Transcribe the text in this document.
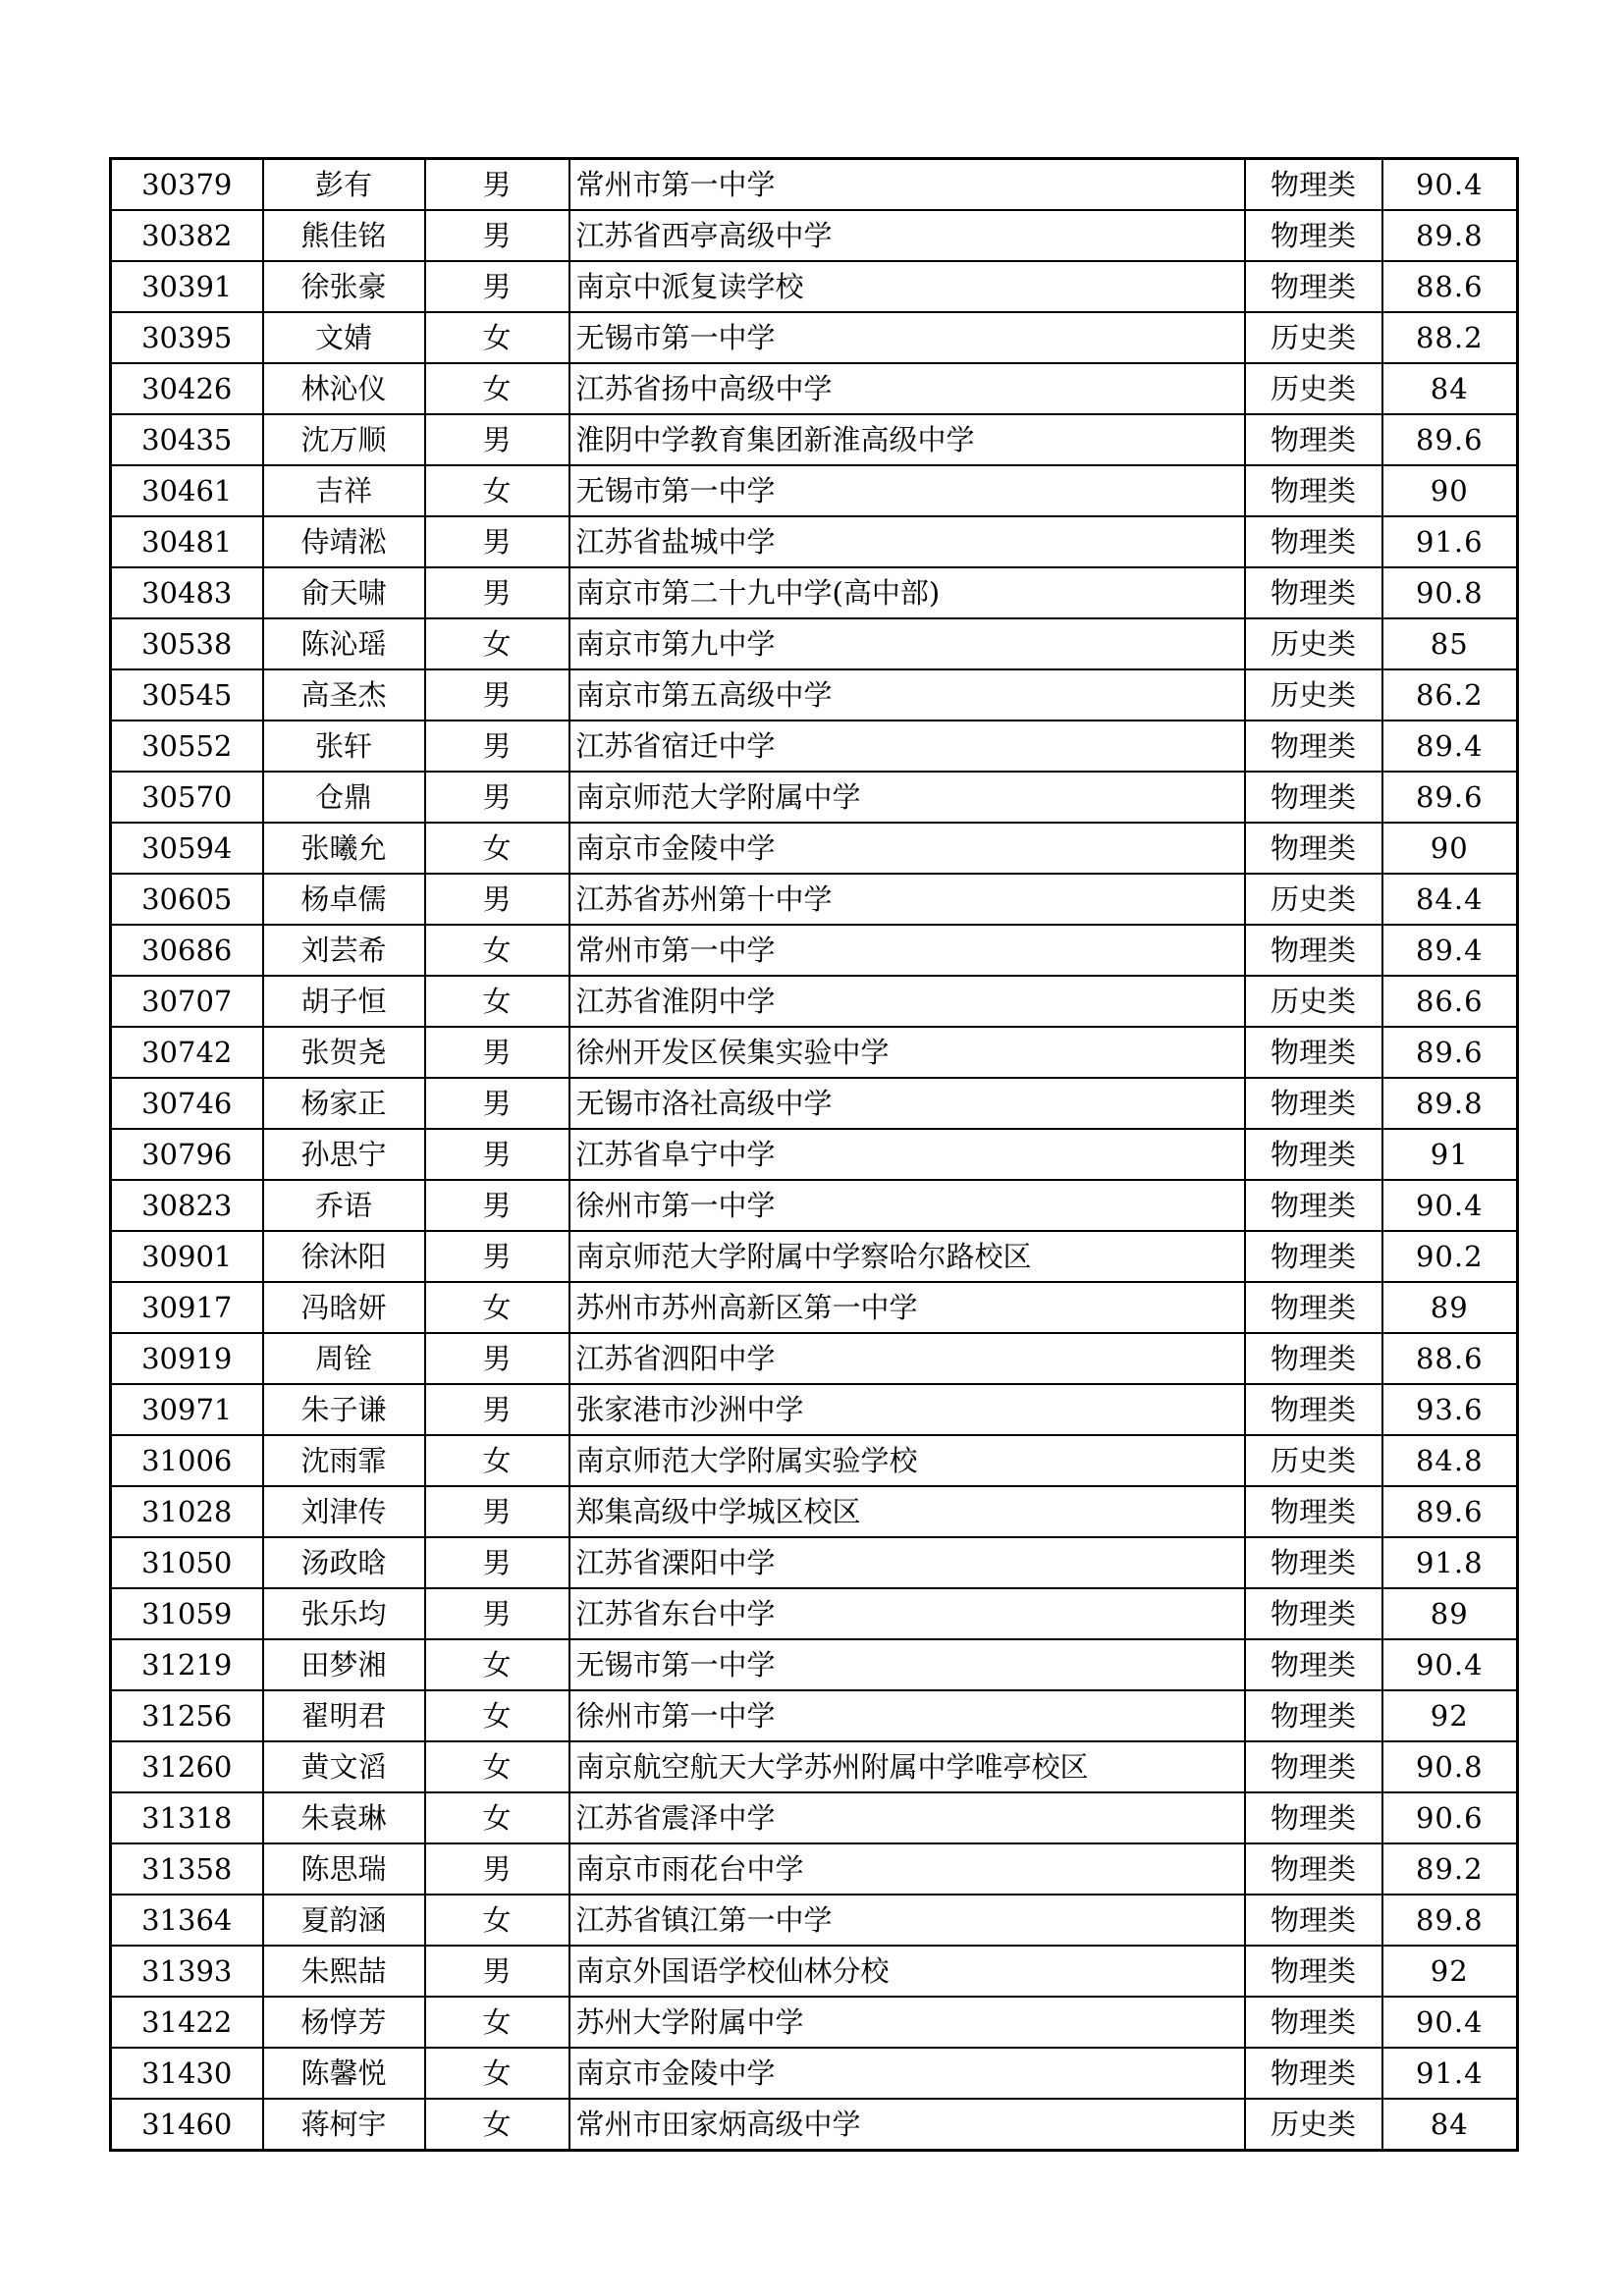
30379	彭有	男	常州市第一中学	物理类	90.4
30382	熊佳铭	男	江苏省西亭高级中学	物理类	89.8
30391	徐张豪	男	南京中派复读学校	物理类	88.6
30395	文婧	女	无锡市第一中学	历史类	88.2
30426	林沁仪	女	江苏省扬中高级中学	历史类	84
30435	沈万顺	男	淮阴中学教育集团新淮高级中学	物理类	89.6
30461	吉祥	女	无锡市第一中学	物理类	90
30481	侍靖淞	男	江苏省盐城中学	物理类	91.6
30483	俞天啸	男	南京市第二十九中学(高中部)	物理类	90.8
30538	陈沁瑶	女	南京市第九中学	历史类	85
30545	高圣杰	男	南京市第五高级中学	历史类	86.2
30552	张轩	男	江苏省宿迁中学	物理类	89.4
30570	仓鼎	男	南京师范大学附属中学	物理类	89.6
30594	张曦允	女	南京市金陵中学	物理类	90
30605	杨卓儒	男	江苏省苏州第十中学	历史类	84.4
30686	刘芸希	女	常州市第一中学	物理类	89.4
30707	胡子恒	女	江苏省淮阴中学	历史类	86.6
30742	张贺尧	男	徐州开发区侯集实验中学	物理类	89.6
30746	杨家正	男	无锡市洛社高级中学	物理类	89.8
30796	孙思宁	男	江苏省阜宁中学	物理类	91
30823	乔语	男	徐州市第一中学	物理类	90.4
30901	徐沐阳	男	南京师范大学附属中学察哈尔路校区	物理类	90.2
30917	冯晗妍	女	苏州市苏州高新区第一中学	物理类	89
30919	周铨	男	江苏省泗阳中学	物理类	88.6
30971	朱子谦	男	张家港市沙洲中学	物理类	93.6
31006	沈雨霏	女	南京师范大学附属实验学校	历史类	84.8
31028	刘津传	男	郑集高级中学城区校区	物理类	89.6
31050	汤政晗	男	江苏省溧阳中学	物理类	91.8
31059	张乐均	男	江苏省东台中学	物理类	89
31219	田梦湘	女	无锡市第一中学	物理类	90.4
31256	翟明君	女	徐州市第一中学	物理类	92
31260	黄文滔	女	南京航空航天大学苏州附属中学唯亭校区	物理类	90.8
31318	朱袁琳	女	江苏省震泽中学	物理类	90.6
31358	陈思瑞	男	南京市雨花台中学	物理类	89.2
31364	夏韵涵	女	江苏省镇江第一中学	物理类	89.8
31393	朱熙喆	男	南京外国语学校仙林分校	物理类	92
31422	杨惇芳	女	苏州大学附属中学	物理类	90.4
31430	陈馨悦	女	南京市金陵中学	物理类	91.4
31460	蒋柯宇	女	常州市田家炳高级中学	历史类	84
